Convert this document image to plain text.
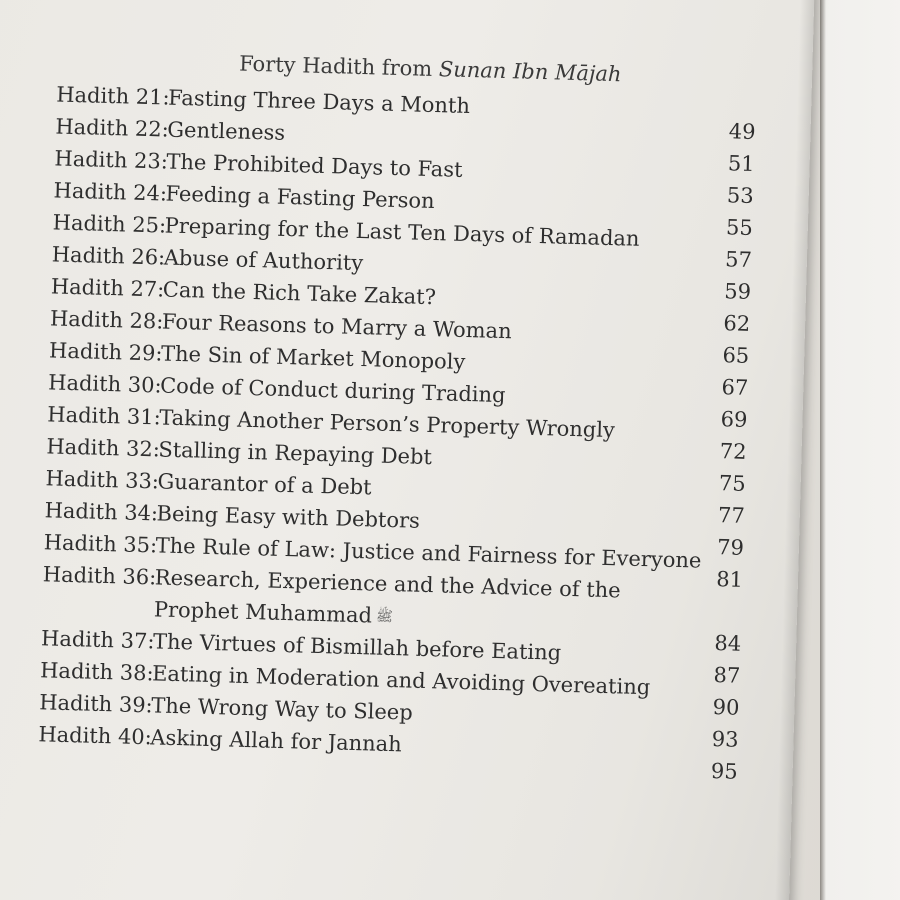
Forty Hadith from Sunan Ibn Mājah
Hadith 21:
Fasting Three Days a Month
49
Hadith 22:
Gentleness
51
Hadith 23:
The Prohibited Days to Fast
53
Hadith 24:
Feeding a Fasting Person
55
Hadith 25:
Preparing for the Last Ten Days of Ramadan
57
Hadith 26:
Abuse of Authority
59
Hadith 27:
Can the Rich Take Zakat?
62
Hadith 28:
Four Reasons to Marry a Woman
65
Hadith 29:
The Sin of Market Monopoly
67
Hadith 30:
Code of Conduct during Trading
69
Hadith 31:
Taking Another Person’s Property Wrongly
72
Hadith 32:
Stalling in Repaying Debt
75
Hadith 33:
Guarantor of a Debt
77
Hadith 34:
Being Easy with Debtors
79
Hadith 35:
The Rule of Law: Justice and Fairness for Everyone
81
Hadith 36:
Research, Experience and the Advice of the
Prophet Muhammad ﷺ
84
Hadith 37:
The Virtues of Bismillah before Eating
87
Hadith 38:
Eating in Moderation and Avoiding Overeating
90
Hadith 39:
The Wrong Way to Sleep
93
Hadith 40:
Asking Allah for Jannah
95
